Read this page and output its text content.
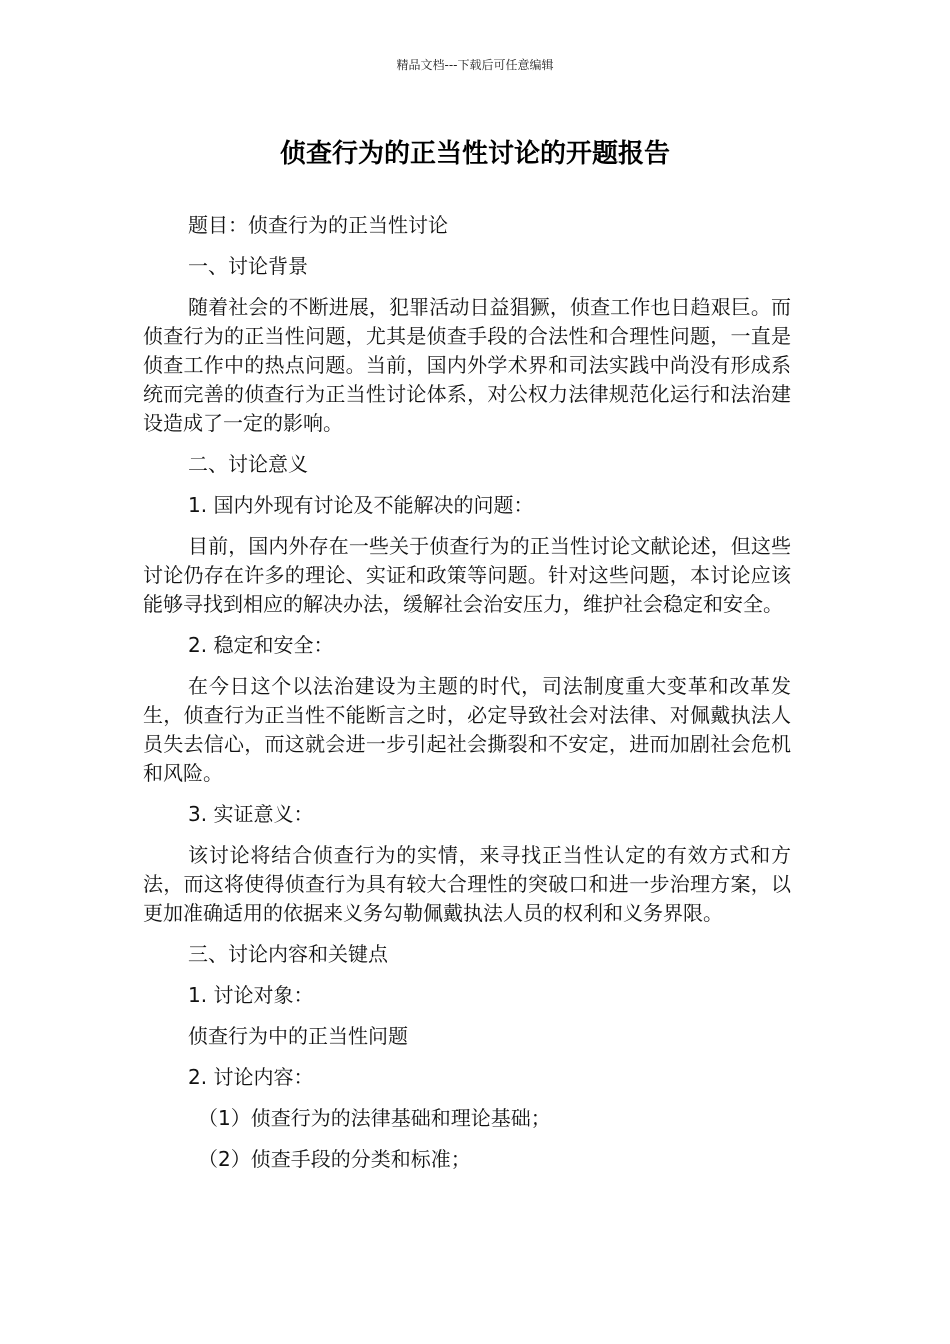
精品文档---下载后可任意编辑
侦查行为的正当性讨论的开题报告

题目：侦查行为的正当性讨论

一、讨论背景

随着社会的不断进展，犯罪活动日益猖獗，侦查工作也日趋艰巨。而侦查行为的正当性问题，尤其是侦查手段的合法性和合理性问题，一直是侦查工作中的热点问题。当前，国内外学术界和司法实践中尚没有形成系统而完善的侦查行为正当性讨论体系，对公权力法律规范化运行和法治建设造成了一定的影响。

二、讨论意义

1. 国内外现有讨论及不能解决的问题：

目前，国内外存在一些关于侦查行为的正当性讨论文献论述，但这些讨论仍存在许多的理论、实证和政策等问题。针对这些问题，本讨论应该能够寻找到相应的解决办法，缓解社会治安压力，维护社会稳定和安全。

2. 稳定和安全：

在今日这个以法治建设为主题的时代，司法制度重大变革和改革发生，侦查行为正当性不能断言之时，必定导致社会对法律、对佩戴执法人员失去信心，而这就会进一步引起社会撕裂和不安定，进而加剧社会危机和风险。

3. 实证意义：

该讨论将结合侦查行为的实情，来寻找正当性认定的有效方式和方法，而这将使得侦查行为具有较大合理性的突破口和进一步治理方案，以更加准确适用的依据来义务勾勒佩戴执法人员的权利和义务界限。

三、讨论内容和关键点

1. 讨论对象：

侦查行为中的正当性问题

2. 讨论内容：

（1）侦查行为的法律基础和理论基础；

（2）侦查手段的分类和标准；
